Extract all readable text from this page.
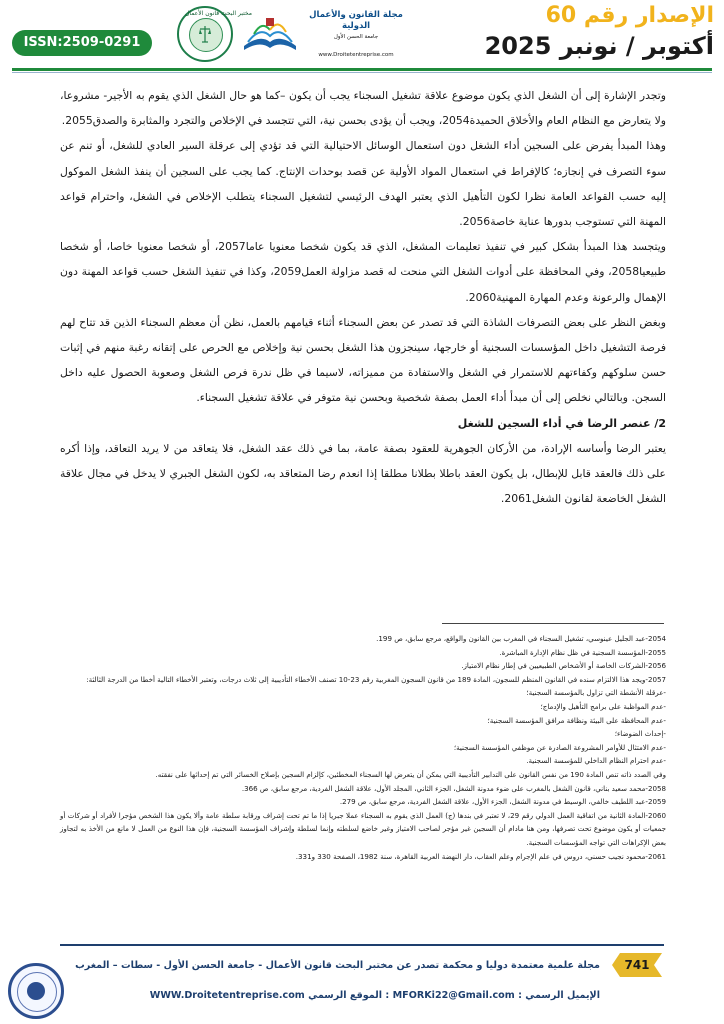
الإصدار رقم 60
أكتوبر / نونبر 2025
مختبر البحث قانون الأعمال	مجلة القانون والأعمال الدولية
جامعة الحسن الأول
www.Droitetentreprise.com
ISSN:2509-0291

وتجدر الإشارة إلى أن الشغل الذي يكون موضوع علاقة تشغيل السجناء يجب أن يكون –كما هو حال الشغل الذي يقوم به الأجير- مشروعا، ولا يتعارض مع النظام العام والأخلاق الحميدة2054، ويجب أن يؤدى بحسن نية، التي تتجسد في الإخلاص والتجرد والمثابرة والصدق2055.

وهذا المبدأ يفرض على السجين أداء الشغل دون استعمال الوسائل الاحتيالية التي قد تؤدي إلى عرقلة السير العادي للشغل، أو تنم عن سوء التصرف في إنجازه؛ كالإفراط في استعمال المواد الأولية عن قصد بوحدات الإنتاج. كما يجب على السجين أن ينفذ الشغل الموكول إليه حسب القواعد العامة نظرا لكون التأهيل الذي يعتبر الهدف الرئيسي لتشغيل السجناء يتطلب الإخلاص في الشغل، واحترام قواعد المهنة التي تستوجب بدورها عناية خاصة2056.

ويتجسد هذا المبدأ بشكل كبير في تنفيذ تعليمات المشغل، الذي قد يكون شخصا معنويا عاما2057، أو شخصا معنويا خاصا، أو شخصا طبيعيا2058، وفي المحافظة على أدوات الشغل التي منحت له قصد مزاولة العمل2059، وكذا في تنفيذ الشغل حسب قواعد المهنة دون الإهمال والرعونة وعدم المهارة المهنية2060.

وبغض النظر على بعض التصرفات الشاذة التي قد تصدر عن بعض السجناء أثناء قيامهم بالعمل، نظن أن معظم السجناء الذين قد تتاح لهم فرصة التشغيل داخل المؤسسات السجنية أو خارجها، سينجزون هذا الشغل بحسن نية وإخلاص مع الحرص على إتقانه رغبة منهم في إثبات حسن سلوكهم وكفاءتهم للاستمرار في الشغل والاستفادة من مميزاته، لاسيما في ظل ندرة فرص الشغل وصعوبة الحصول عليه داخل السجن. وبالتالي نخلص إلى أن مبدأ أداء العمل بصفة شخصية وبحسن نية متوفر في علاقة تشغيل السجناء.

2/ عنصر الرضا في أداء السجين للشغل

يعتبر الرضا وأساسه الإرادة، من الأركان الجوهرية للعقود بصفة عامة، بما في ذلك عقد الشغل، فلا يتعاقد من لا يريد التعاقد، وإذا أكره على ذلك فالعقد قابل للإبطال، بل يكون العقد باطلا بطلانا مطلقا إذا انعدم رضا المتعاقد به، لكون الشغل الجبري لا يدخل في مجال علاقة الشغل الخاضعة لقانون الشغل2061.

2054-عبد الجليل عينوسي، تشغيل السجناء في المغرب بين القانون والواقع، مرجع سابق، ص 199.

2055-المؤسسة السجنية في ظل نظام الإدارة المباشرة.

2056-الشركات الخاصة أو الأشخاص الطبيعيين في إطار نظام الامتياز.

2057-ويجد هذا الالتزام سنده في القانون المنظم للسجون، المادة 189 من قانون السجون المغربية رقم 23-10 تصنف الأخطاء التأديبية إلى ثلاث درجات، وتعتبر الأخطاء التالية أخطا من الدرجة الثالثة:

-عرقلة الأنشطة التي تزاول بالمؤسسة السجنية؛

-عدم المواظبة على برامج التأهيل والإدماج؛

-عدم المحافظة على البيئة ونظافة مرافق المؤسسة السجنية؛

-إحداث الضوضاء؛

-عدم الامتثال للأوامر المشروعة الصادرة عن موظفي المؤسسة السجنية؛

-عدم احترام النظام الداخلي للمؤسسة السجنية.

وفي الصدد ذاته تنص المادة 190 من نفس القانون على التدابير التأديبية التي يمكن أن يتعرض لها السجناء المخطئين، كإلزام السجين بإصلاح الخسائر التي تم إحداثها على نفقته.

2058-محمد سعيد بناني، قانون الشغل بالمغرب على ضوء مدونة الشغل، الجزء الثاني، المجلد الأول، علاقة الشغل الفردية، مرجع سابق، ص 366.

2059-عبد اللطيف خالفي، الوسيط في مدونة الشغل، الجزء الأول، علاقة الشغل الفردية، مرجع سابق، ص 279.

2060-المادة الثانية من اتفاقية العمل الدولي رقم 29، لا تعتبر في بندها (ج) العمل الذي يقوم به السجناء عملا جبريا إذا ما تم تحت إشراف ورقابة سلطة عامة وألا يكون هذا الشخص مؤجرا لأفراد أو شركات أو جمعيات أو يكون موضوع تحت تصرفها، ومن هنا مادام أن السجين غير مؤجر لصاحب الامتياز وغير خاضع لسلطته وإنما لسلطة وإشراف المؤسسة السجنية، فإن هذا النوع من العمل لا مانع من الأخذ به لتجاوز بعض الإكراهات التي تواجه المؤسسات السجنية.

2061-محمود نجيب حسني، دروس في علم الإجرام وعلم العقاب، دار النهضة العربية القاهرة، سنة 1982، الصفحة 330 و331.

741
مجلة علمية معتمدة دوليا و محكمة تصدر عن مختبر البحث قانون الأعمال - جامعة الحسن الأول - سطات – المغرب
الإيميل الرسمي : MFORKi22@Gmail.com : الموقع الرسمي WWW.Droitetentreprise.com
